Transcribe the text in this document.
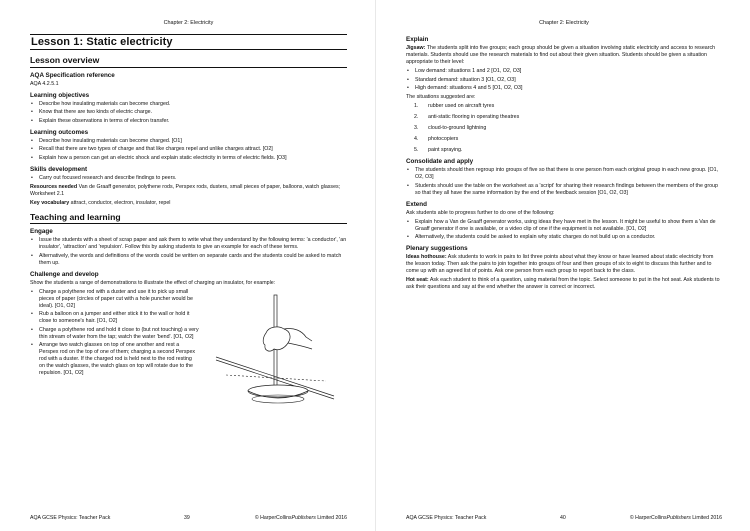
Chapter 2: Electricity
Lesson 1: Static electricity
Lesson overview
AQA Specification reference

AQA 4.2.5.1

Learning objectives
• Describe how insulating materials can become charged.
• Know that there are two kinds of electric charge.
• Explain these observations in terms of electron transfer.
Learning outcomes
• Describe how insulating materials can become charged. [O1]
• Recall that there are two types of charge and that like charges repel and unlike charges attract. [O2]
• Explain how a person can get an electric shock and explain static electricity in terms of electric fields. [O3]
Skills development
• Carry out focused research and describe findings to peers.

Resources needed Van de Graaff generator, polythene rods, Perspex rods, dusters, small pieces of paper, balloons, watch glasses; Worksheet 2.1

Key vocabulary attract, conductor, electron, insulator, repel

Teaching and learning
Engage
• Issue the students with a sheet of scrap paper and ask them to write what they understand by the following terms: 'a conductor', 'an insulator', 'attraction' and 'repulsion'. Follow this by asking students to give an example for each of these terms.
• Alternatively, the words and definitions of the words could be written on separate cards and the students could be asked to match them up.
Challenge and develop

Show the students a range of demonstrations to illustrate the effect of charging an insulator, for example:

• Charge a polythene rod with a duster and use it to pick up small pieces of paper (circles of paper cut with a hole puncher would be ideal). [O1, O2]
• Rub a balloon on a jumper and either stick it to the wall or hold it close to someone's hair. [O1, O2]
• Charge a polythene rod and hold it close to (but not touching) a very thin stream of water from the tap; watch the water 'bend'. [O1, O2]
• Arrange two watch glasses on top of one another and rest a Perspex rod on the top of one of them; charging a second Perspex rod with a duster. If the charged rod is held next to the rod resting on the watch glasses, the watch glass on top will rotate due to the repulsion. [O1, O2]
AQA GCSE Physics: Teacher Pack	39	© HarperCollinsPublishers Limited 2016
Chapter 2: Electricity
Explain

Jigsaw: The students split into five groups; each group should be given a situation involving static electricity and access to research materials. Students should use the research materials to find out about their given situation. Students should be given a situation appropriate to their level:

• Low demand: situations 1 and 2 [O1, O2, O3]
• Standard demand: situation 3 [O1, O2, O3]
• High demand: situations 4 and 5 [O1, O2, O3]

The situations suggested are:

1. rubber used on aircraft tyres
2. anti-static flooring in operating theatres
3. cloud-to-ground lightning
4. photocopiers
5. paint spraying.
Consolidate and apply
• The students should then regroup into groups of five so that there is one person from each original group in each new group. [O1, O2, O3]
• Students should use the table on the worksheet as a 'script' for sharing their research findings between the members of the group so that they all have the same information by the end of the feedback session [O1, O2, O3]
Extend

Ask students able to progress further to do one of the following:

• Explain how a Van de Graaff generator works, using ideas they have met in the lesson. It might be useful to show them a Van de Graaff generator if one is available, or a video clip of one if the equipment is not available. [O1, O2]
• Alternatively, the students could be asked to explain why static charges do not build up on a conductor.
Plenary suggestions

Ideas hothouse: Ask students to work in pairs to list three points about what they know or have learned about static electricity from the lesson today. Then ask the pairs to join together into groups of four and then groups of six to eight to discuss this further and to come up with an agreed list of points. Ask one person from each group to report back to the class.

Hot seat: Ask each student to think of a question, using material from the topic. Select someone to put in the hot seat. Ask students to ask their questions and say at the end whether the answer is correct or incorrect.

AQA GCSE Physics: Teacher Pack	40	© HarperCollinsPublishers Limited 2016
